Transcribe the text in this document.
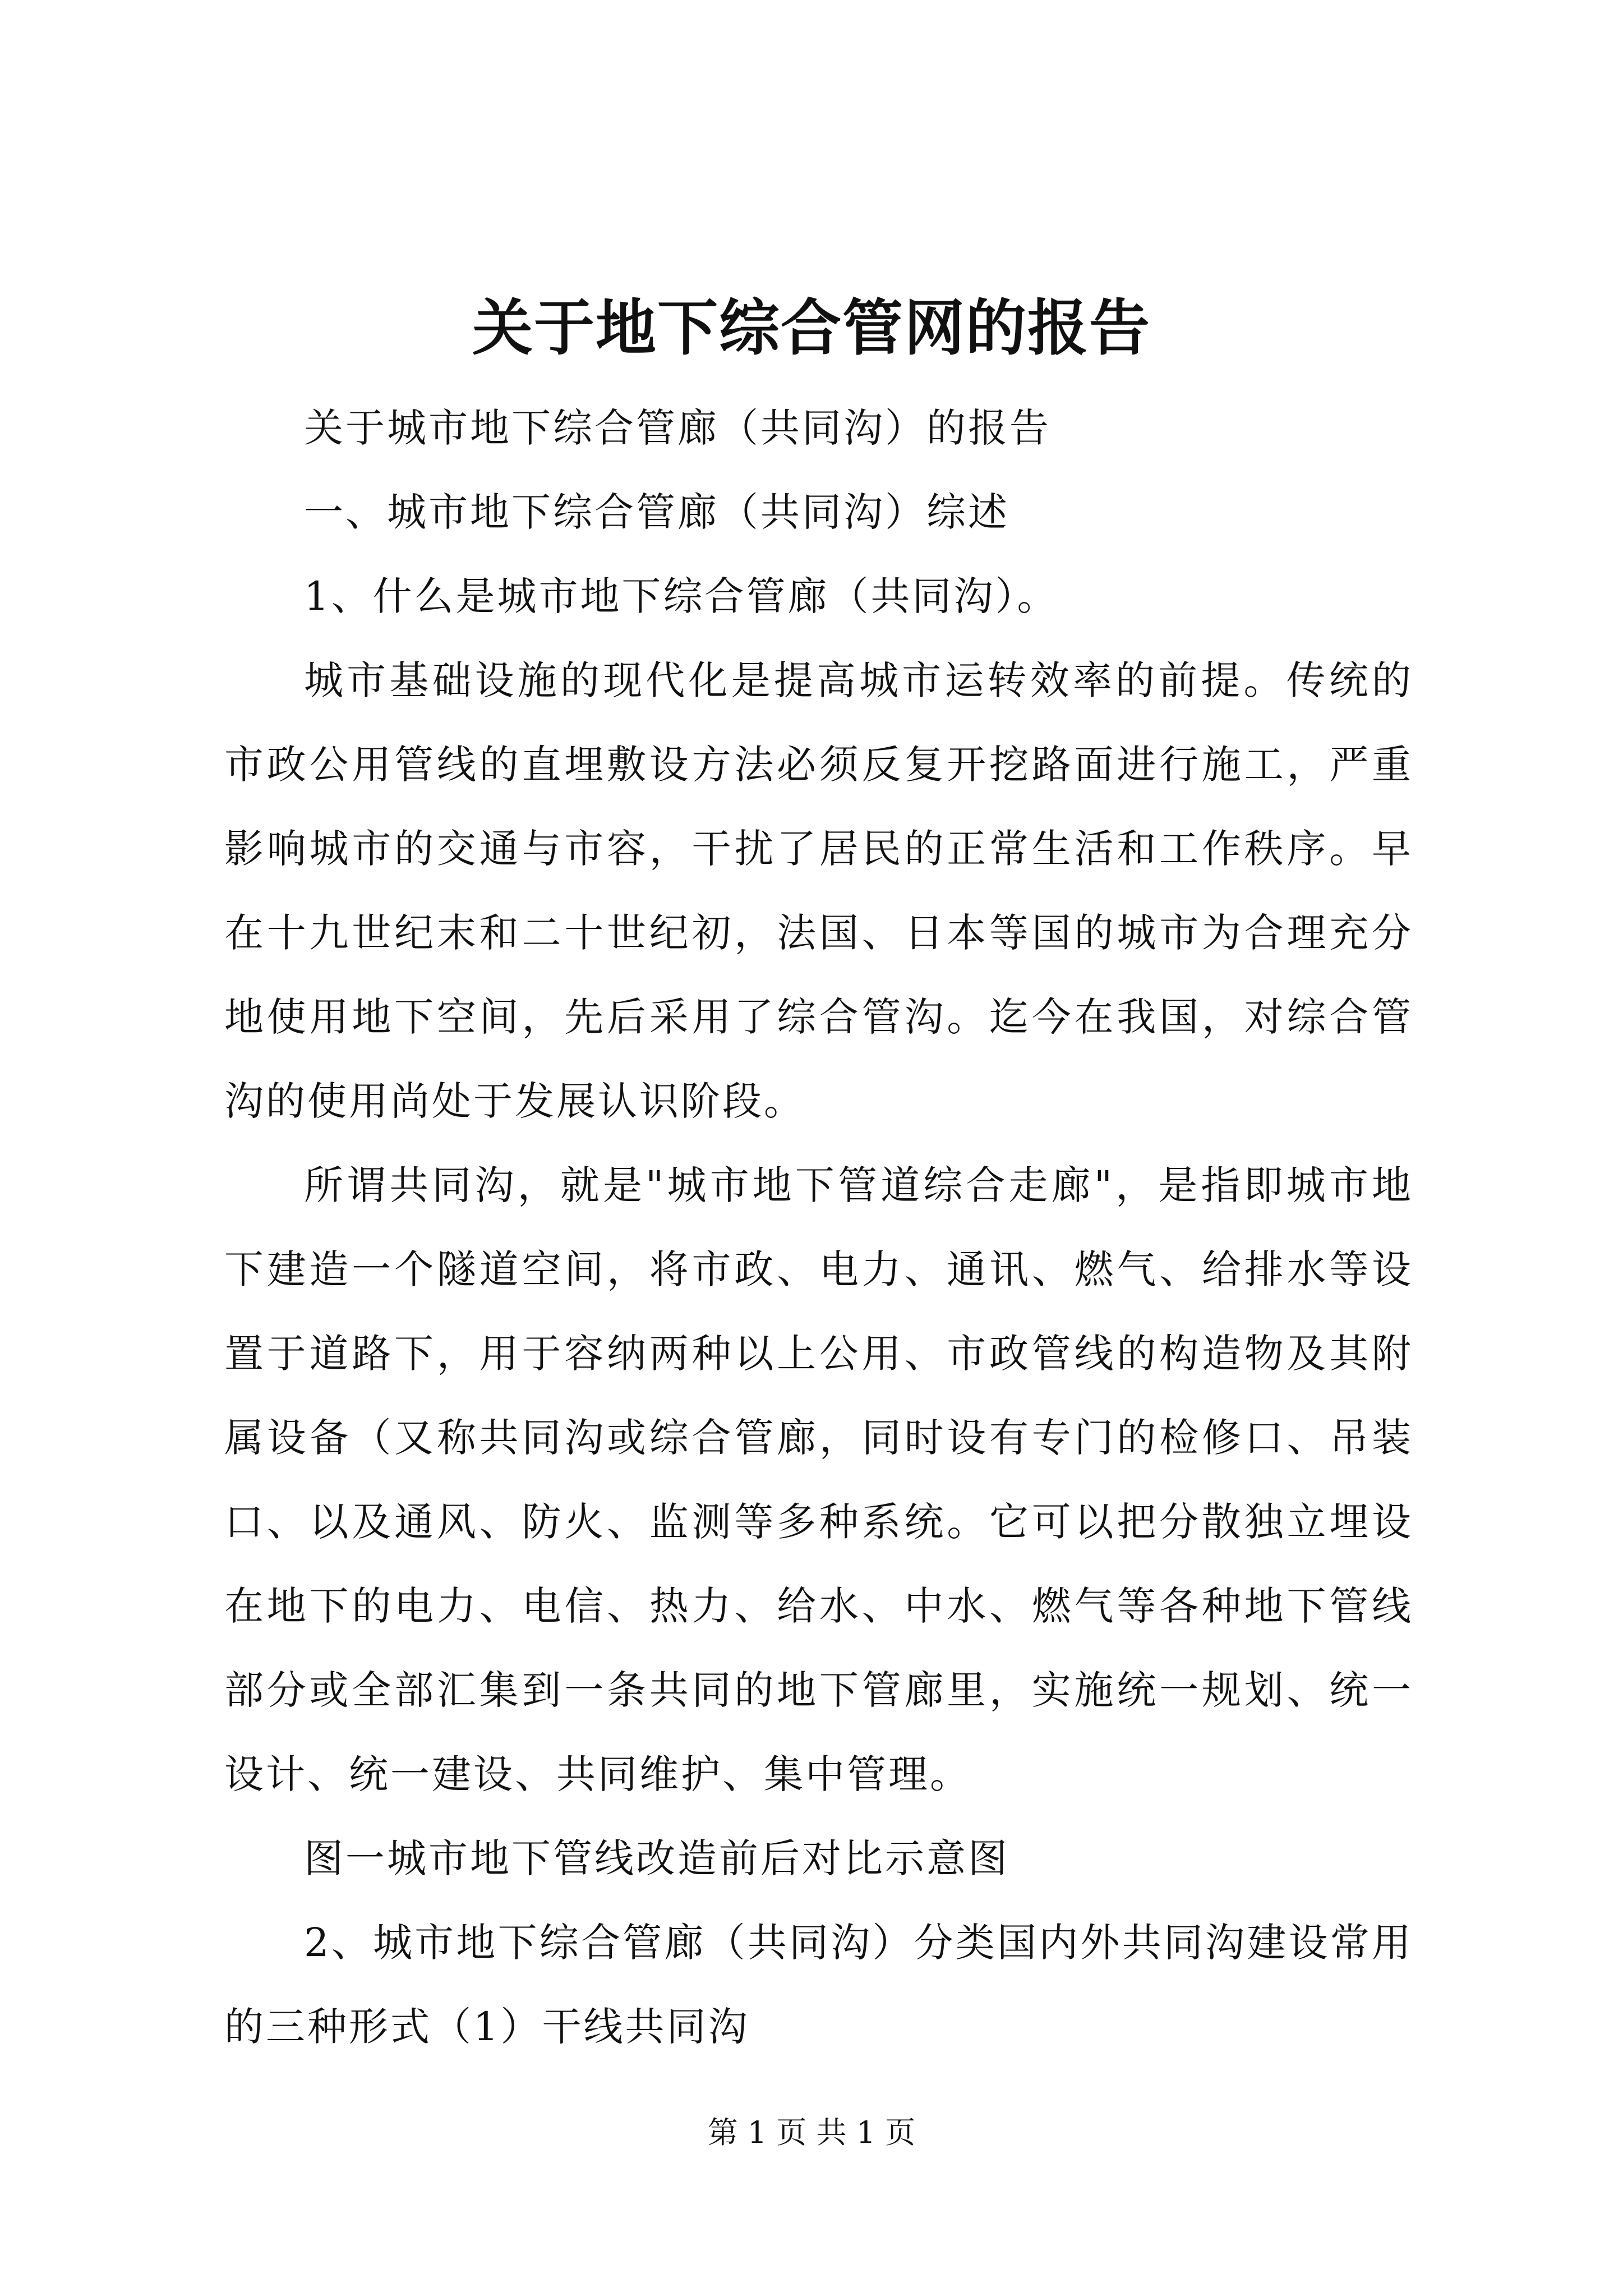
关于地下综合管网的报告

关于城市地下综合管廊（共同沟）的报告

一、城市地下综合管廊（共同沟）综述

1、什么是城市地下综合管廊（共同沟）。

城市基础设施的现代化是提高城市运转效率的前提。传统的市政公用管线的直埋敷设方法必须反复开挖路面进行施工，严重影响城市的交通与市容，干扰了居民的正常生活和工作秩序。早在十九世纪末和二十世纪初，法国、日本等国的城市为合理充分地使用地下空间，先后采用了综合管沟。迄今在我国，对综合管沟的使用尚处于发展认识阶段。

所谓共同沟，就是"城市地下管道综合走廊"，是指即城市地下建造一个隧道空间，将市政、电力、通讯、燃气、给排水等设置于道路下，用于容纳两种以上公用、市政管线的构造物及其附属设备（又称共同沟或综合管廊，同时设有专门的检修口、吊装口、以及通风、防火、监测等多种系统。它可以把分散独立埋设在地下的电力、电信、热力、给水、中水、燃气等各种地下管线部分或全部汇集到一条共同的地下管廊里，实施统一规划、统一设计、统一建设、共同维护、集中管理。

图一城市地下管线改造前后对比示意图

2、城市地下综合管廊（共同沟）分类国内外共同沟建设常用的三种形式（1）干线共同沟

第 1 页 共 1 页
